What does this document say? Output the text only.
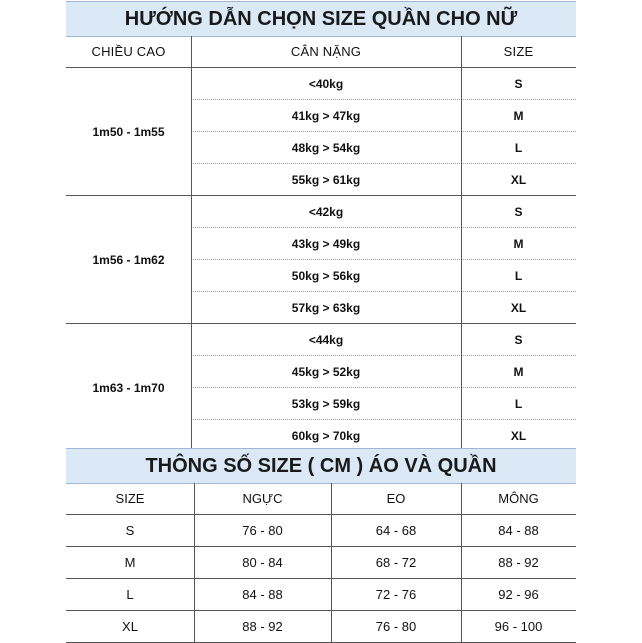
HƯỚNG DẪN CHỌN SIZE QUẦN CHO NỮ
CHIỀU CAO	CÂN NẶNG	SIZE
1m50 - 1m55
<40kg	S
41kg > 47kg	M
48kg > 54kg	L
55kg > 61kg	XL
1m56 - 1m62
<42kg	S
43kg > 49kg	M
50kg > 56kg	L
57kg > 63kg	XL
1m63 - 1m70
<44kg	S
45kg > 52kg	M
53kg > 59kg	L
60kg > 70kg	XL
THÔNG SỐ SIZE ( CM ) ÁO VÀ QUẦN
SIZE	NGỰC	EO	MÔNG
S	76 - 80	64 - 68	84 - 88
M	80 - 84	68 - 72	88 - 92
L	84 - 88	72 - 76	92 - 96
XL	88 - 92	76 - 80	96 - 100
